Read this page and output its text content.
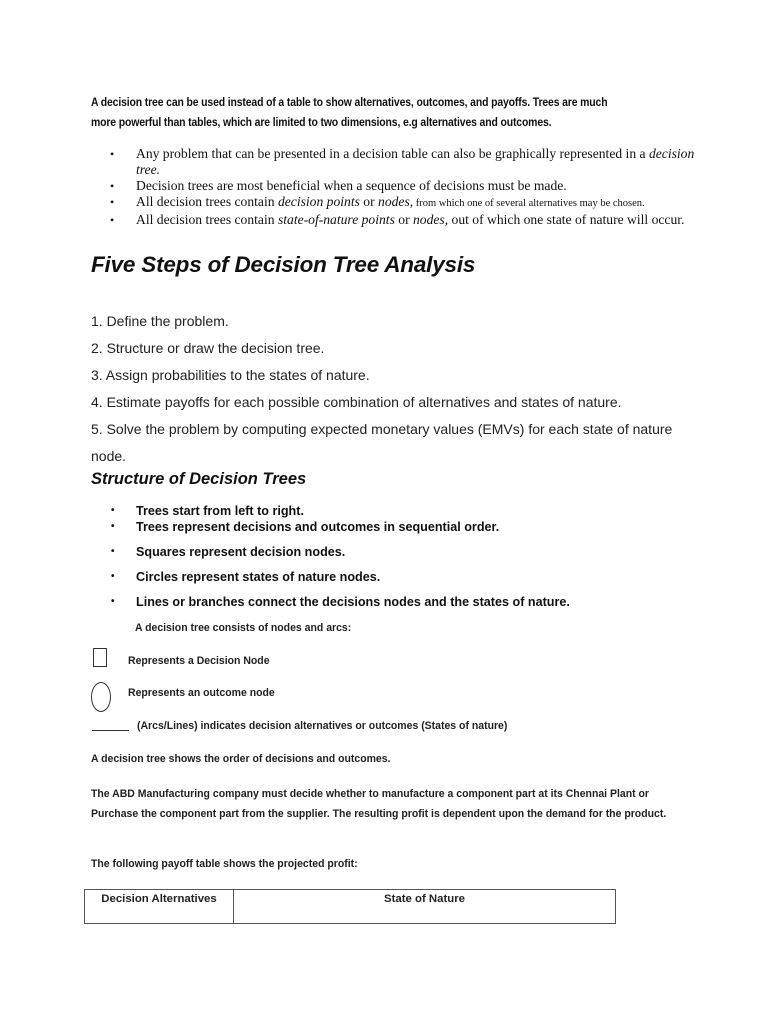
A decision tree can be used instead of a table to show alternatives, outcomes, and payoffs. Trees are much more powerful than tables, which are limited to two dimensions, e.g alternatives and outcomes.
• Any problem that can be presented in a decision table can also be graphically represented in a decision tree.
• Decision trees are most beneficial when a sequence of decisions must be made.
• All decision trees contain decision points or nodes, from which one of several alternatives may be chosen.
• All decision trees contain state-of-nature points or nodes, out of which one state of nature will occur.
Five Steps of Decision Tree Analysis
1. Define the problem.
2. Structure or draw the decision tree.
3. Assign probabilities to the states of nature.
4. Estimate payoffs for each possible combination of alternatives and states of nature.
5. Solve the problem by computing expected monetary values (EMVs) for each state of nature node.
Structure of Decision Trees
• Trees start from left to right.
• Trees represent decisions and outcomes in sequential order.
• Squares represent decision nodes.
• Circles represent states of nature nodes.
• Lines or branches connect the decisions nodes and the states of nature.
A decision tree consists of nodes and arcs:
Represents a Decision Node
Represents an outcome node
(Arcs/Lines) indicates decision alternatives or outcomes (States of nature)
A decision tree shows the order of decisions and outcomes.
The ABD Manufacturing company must decide whether to manufacture a component part at its Chennai Plant or Purchase the component part from the supplier. The resulting profit is dependent upon the demand for the product.
The following payoff table shows the projected profit:
Decision Alternatives	State of Nature
